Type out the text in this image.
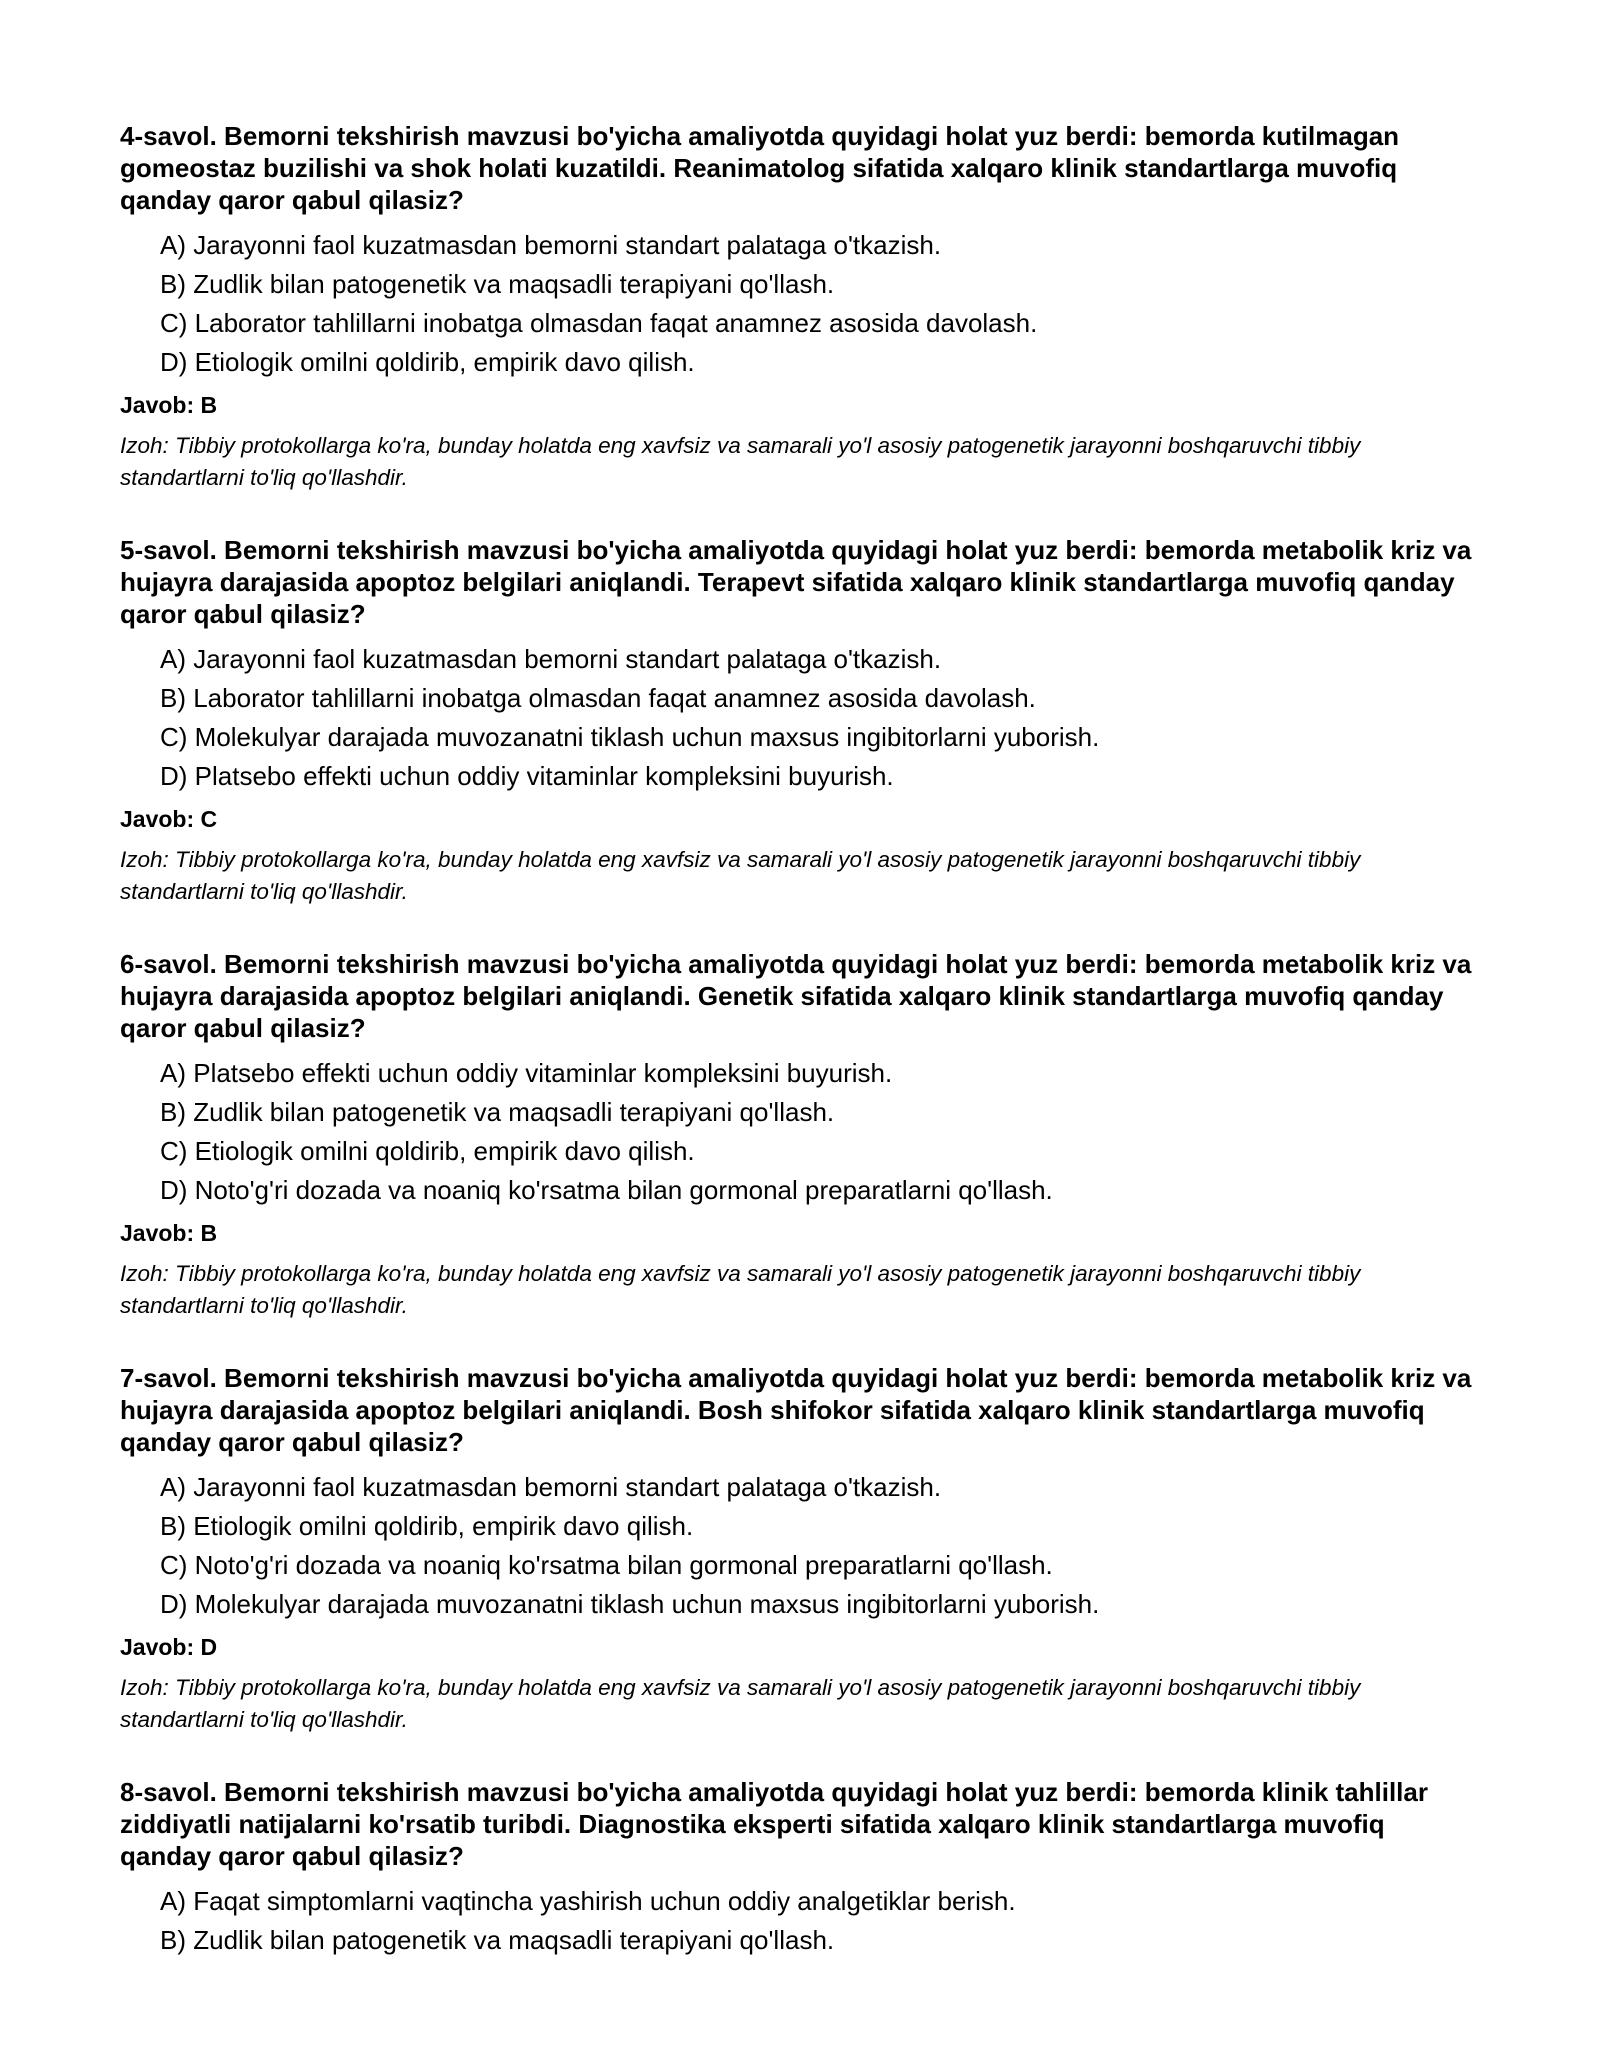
4-savol. Bemorni tekshirish mavzusi bo'yicha amaliyotda quyidagi holat yuz berdi: bemorda kutilmagan gomeostaz buzilishi va shok holati kuzatildi. Reanimatolog sifatida xalqaro klinik standartlarga muvofiq qanday qaror qabul qilasiz?
A) Jarayonni faol kuzatmasdan bemorni standart palataga o'tkazish.
B) Zudlik bilan patogenetik va maqsadli terapiyani qo'llash.
C) Laborator tahlillarni inobatga olmasdan faqat anamnez asosida davolash.
D) Etiologik omilni qoldirib, empirik davo qilish.
Javob: B
Izoh: Tibbiy protokollarga ko'ra, bunday holatda eng xavfsiz va samarali yo'l asosiy patogenetik jarayonni boshqaruvchi tibbiy standartlarni to'liq qo'llashdir.
5-savol. Bemorni tekshirish mavzusi bo'yicha amaliyotda quyidagi holat yuz berdi: bemorda metabolik kriz va hujayra darajasida apoptoz belgilari aniqlandi. Terapevt sifatida xalqaro klinik standartlarga muvofiq qanday qaror qabul qilasiz?
A) Jarayonni faol kuzatmasdan bemorni standart palataga o'tkazish.
B) Laborator tahlillarni inobatga olmasdan faqat anamnez asosida davolash.
C) Molekulyar darajada muvozanatni tiklash uchun maxsus ingibitorlarni yuborish.
D) Platsebo effekti uchun oddiy vitaminlar kompleksini buyurish.
Javob: C
Izoh: Tibbiy protokollarga ko'ra, bunday holatda eng xavfsiz va samarali yo'l asosiy patogenetik jarayonni boshqaruvchi tibbiy standartlarni to'liq qo'llashdir.
6-savol. Bemorni tekshirish mavzusi bo'yicha amaliyotda quyidagi holat yuz berdi: bemorda metabolik kriz va hujayra darajasida apoptoz belgilari aniqlandi. Genetik sifatida xalqaro klinik standartlarga muvofiq qanday qaror qabul qilasiz?
A) Platsebo effekti uchun oddiy vitaminlar kompleksini buyurish.
B) Zudlik bilan patogenetik va maqsadli terapiyani qo'llash.
C) Etiologik omilni qoldirib, empirik davo qilish.
D) Noto'g'ri dozada va noaniq ko'rsatma bilan gormonal preparatlarni qo'llash.
Javob: B
Izoh: Tibbiy protokollarga ko'ra, bunday holatda eng xavfsiz va samarali yo'l asosiy patogenetik jarayonni boshqaruvchi tibbiy standartlarni to'liq qo'llashdir.
7-savol. Bemorni tekshirish mavzusi bo'yicha amaliyotda quyidagi holat yuz berdi: bemorda metabolik kriz va hujayra darajasida apoptoz belgilari aniqlandi. Bosh shifokor sifatida xalqaro klinik standartlarga muvofiq qanday qaror qabul qilasiz?
A) Jarayonni faol kuzatmasdan bemorni standart palataga o'tkazish.
B) Etiologik omilni qoldirib, empirik davo qilish.
C) Noto'g'ri dozada va noaniq ko'rsatma bilan gormonal preparatlarni qo'llash.
D) Molekulyar darajada muvozanatni tiklash uchun maxsus ingibitorlarni yuborish.
Javob: D
Izoh: Tibbiy protokollarga ko'ra, bunday holatda eng xavfsiz va samarali yo'l asosiy patogenetik jarayonni boshqaruvchi tibbiy standartlarni to'liq qo'llashdir.
8-savol. Bemorni tekshirish mavzusi bo'yicha amaliyotda quyidagi holat yuz berdi: bemorda klinik tahlillar ziddiyatli natijalarni ko'rsatib turibdi. Diagnostika eksperti sifatida xalqaro klinik standartlarga muvofiq qanday qaror qabul qilasiz?
A) Faqat simptomlarni vaqtincha yashirish uchun oddiy analgetiklar berish.
B) Zudlik bilan patogenetik va maqsadli terapiyani qo'llash.
